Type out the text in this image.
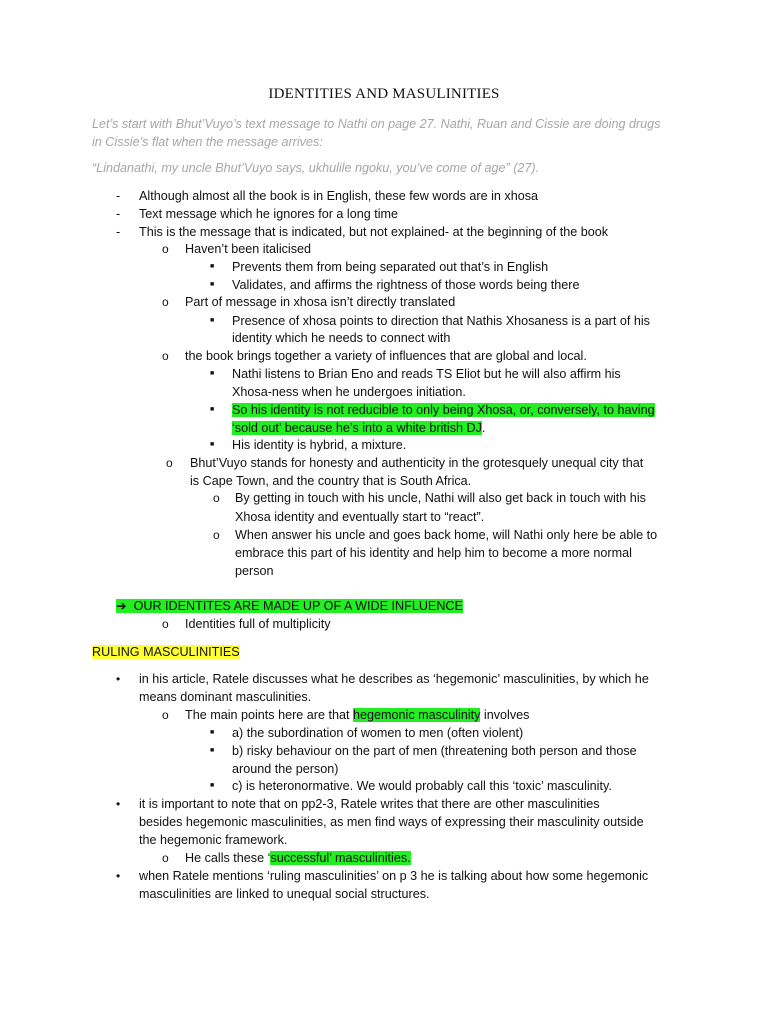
IDENTITIES AND MASULINITIES
Let’s start with Bhut’Vuyo’s text message to Nathi on page 27. Nathi, Ruan and Cissie are doing drugs in Cissie’s flat when the message arrives:
“Lindanathi, my uncle Bhut’Vuyo says, ukhulile ngoku, you’ve come of age” (27).
- Although almost all the book is in English, these few words are in xhosa
- Text message which he ignores for a long time
- This is the message that is indicated, but not explained- at the beginning of the book
o Haven’t been italicised
■ Prevents them from being separated out that’s in English
■ Validates, and affirms the rightness of those words being there
o Part of message in xhosa isn’t directly translated
■ Presence of xhosa points to direction that Nathis Xhosaness is a part of his
identity which he needs to connect with
o the book brings together a variety of influences that are global and local.
■ Nathi listens to Brian Eno and reads TS Eliot but he will also affirm his
Xhosa-ness when he undergoes initiation.
■ So his identity is not reducible to only being Xhosa, or, conversely, to having
‘sold out’ because he’s into a white british DJ.
■ His identity is hybrid, a mixture.
o Bhut’Vuyo stands for honesty and authenticity in the grotesquely unequal city that
is Cape Town, and the country that is South Africa.
o By getting in touch with his uncle, Nathi will also get back in touch with his
Xhosa identity and eventually start to “react”.
o When answer his uncle and goes back home, will Nathi only here be able to
embrace this part of his identity and help him to become a more normal
person
➔ OUR IDENTITES ARE MADE UP OF A WIDE INFLUENCE
o Identities full of multiplicity
RULING MASCULINITIES
• in his article, Ratele discusses what he describes as ‘hegemonic’ masculinities, by which he
means dominant masculinities.
o The main points here are that hegemonic masculinity involves
■ a) the subordination of women to men (often violent)
■ b) risky behaviour on the part of men (threatening both person and those
around the person)
■ c) is heteronormative. We would probably call this ‘toxic’ masculinity.
• it is important to note that on pp2-3, Ratele writes that there are other masculinities
besides hegemonic masculinities, as men find ways of expressing their masculinity outside
the hegemonic framework.
o He calls these ‘successful’ masculinities.
• when Ratele mentions ‘ruling masculinities’ on p 3 he is talking about how some hegemonic
masculinities are linked to unequal social structures.
